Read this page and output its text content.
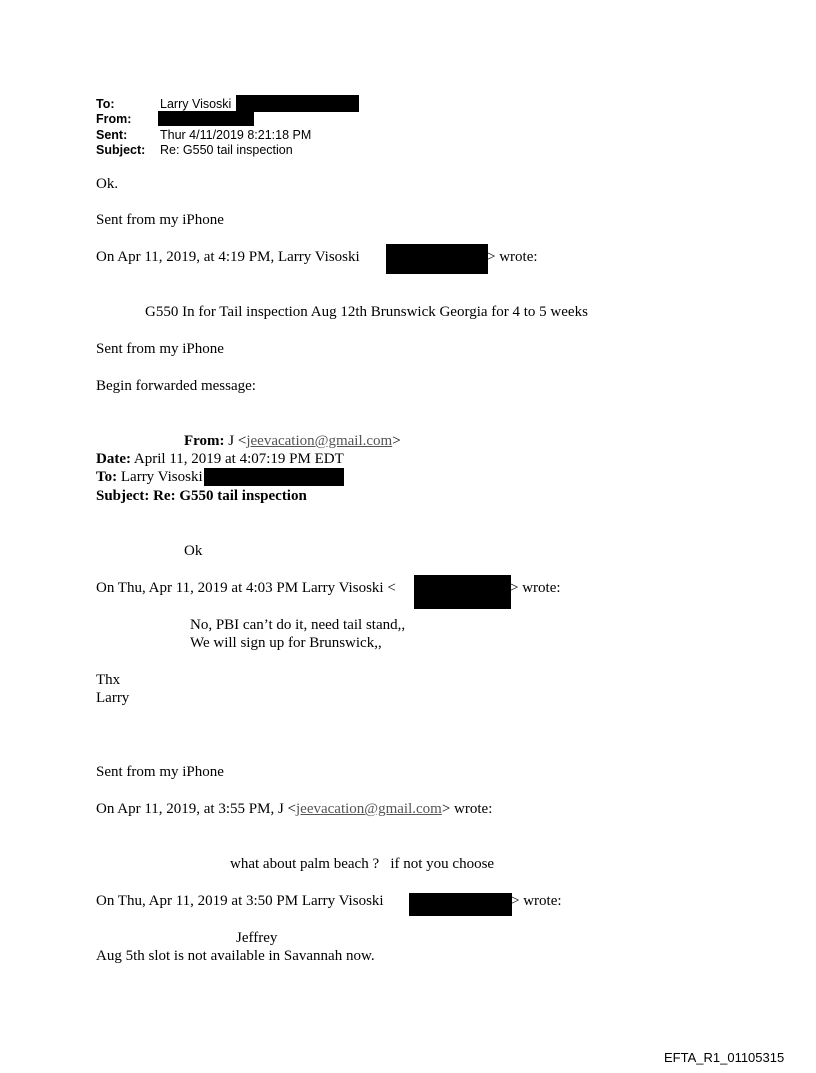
To:	Larry Visoski
From:
Sent:	Thur 4/11/2019 8:21:18 PM
Subject: Re: G550 tail inspection
Ok.
Sent from my iPhone
On Apr 11, 2019, at 4:19 PM, Larry Visoski	> wrote:
G550 In for Tail inspection Aug 12th Brunswick Georgia for 4 to 5 weeks
Sent from my iPhone
Begin forwarded message:
From: J <jeevacation@gmail.com>
Date: April 11, 2019 at 4:07:19 PM EDT
To: Larry Visoski
Subject: Re: G550 tail inspection
Ok
On Thu, Apr 11, 2019 at 4:03 PM Larry Visoski <	> wrote:
No, PBI can’t do it, need tail stand,,
We will sign up for Brunswick,,
Thx
Larry
Sent from my iPhone
On Apr 11, 2019, at 3:55 PM, J <jeevacation@gmail.com> wrote:
what about palm beach ?   if not you choose
On Thu, Apr 11, 2019 at 3:50 PM Larry Visoski	> wrote:
Jeffrey
Aug 5th slot is not available in Savannah now.
EFTA_R1_01105315
